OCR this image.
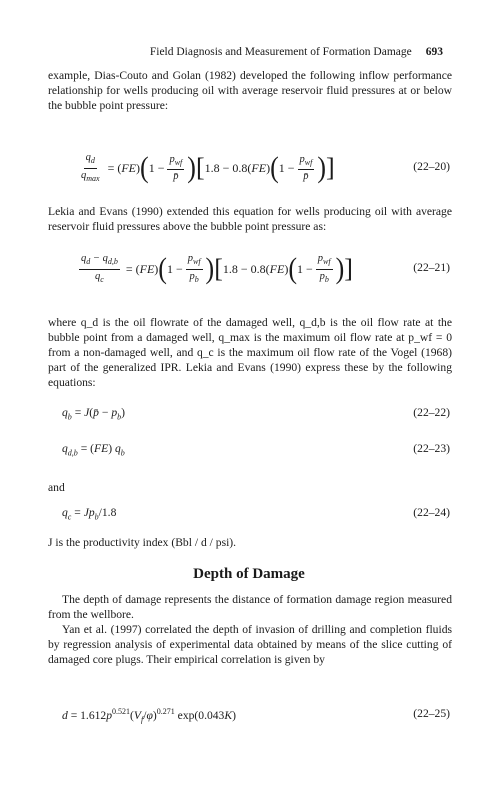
Field Diagnosis and Measurement of Formation Damage 693

example, Dias-Couto and Golan (1982) developed the following inflow performance relationship for wells producing oil with average reservoir fluid pressures at or below the bubble point pressure:

$\frac{q_d}{q_{max}}$ = ( FE ) ( $1 - \frac{p_{wf}}{p̄}$ ) [ 1.8 − 0.8( FE ) ( $1 - \frac{p_{wf}}{p̄}$ ) ]	(22–20)

Lekia and Evans (1990) extended this equation for wells producing oil with average reservoir fluid pressures above the bubble point pressure as:

$\frac{q_d - q_{d,b}}{q_c}$ = ( FE ) ( $1 - \frac{p_{wf}}{p_b}$ ) [ 1.8 − 0.8( FE ) ( $1 - \frac{p_{wf}}{p_b}$ ) ]	(22–21)

where q_d is the oil flowrate of the damaged well, q_d,b is the oil flow rate at the bubble point from a damaged well, q_max is the maximum oil flow rate at p_wf = 0 from a non-damaged well, and q_c is the maximum oil flow rate of the Vogel (1968) part of the generalized IPR. Lekia and Evans (1990) express these by the following equations:

$q_b$ = J(p̄ − $p_b$)	(22–22)
$q_{d,b} = (FE)$ $q_b$	(22–23)
and
$q_c = Jp_b/1.8$	(22–24)
J is the productivity index (Bbl / d / psi).
Depth of Damage

The depth of damage represents the distance of formation damage region measured from the wellbore.

Yan et al. (1997) correlated the depth of invasion of drilling and completion fluids by regression analysis of experimental data obtained by means of the slice cutting of damaged core plugs. Their empirical correlation is given by

$d = 1.612p^{0.521}(V_f/\varphi)^{0.271}$ exp(0.043K)	(22–25)
